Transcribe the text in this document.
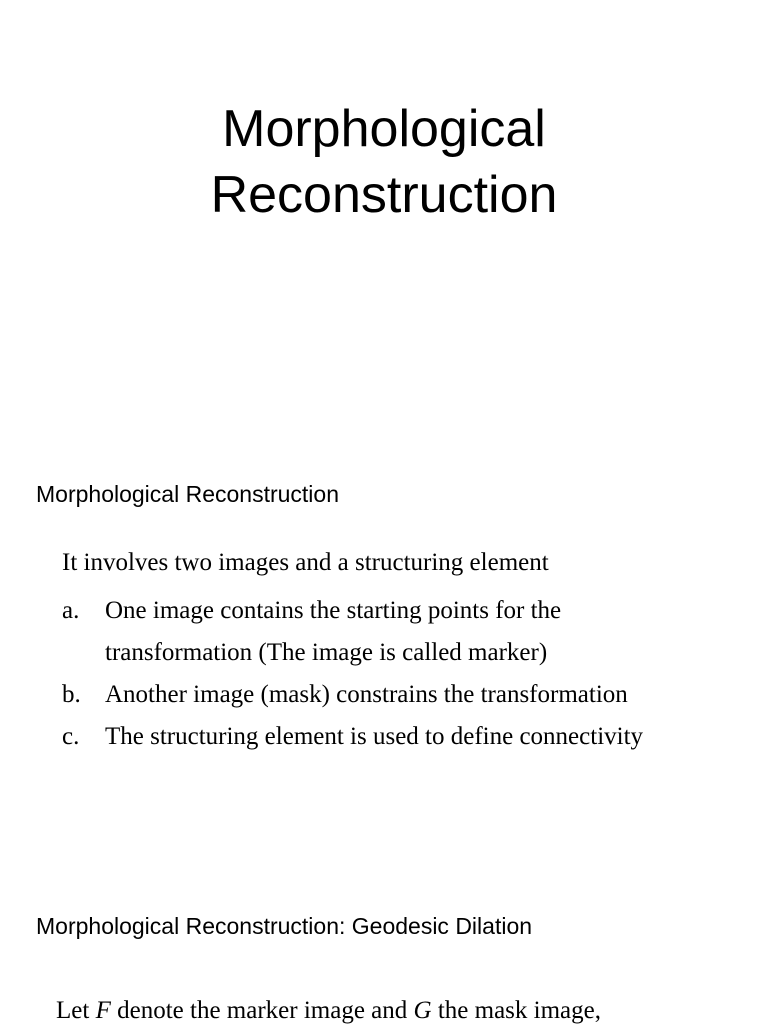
Morphological
Reconstruction
Morphological Reconstruction

It involves two images and a structuring element

a. One image contains the starting points for the
transformation (The image is called marker)
b. Another image (mask) constrains the transformation
c. The structuring element is used to define connectivity
Morphological Reconstruction: Geodesic Dilation

Let F denote the marker image and G the mask image,
